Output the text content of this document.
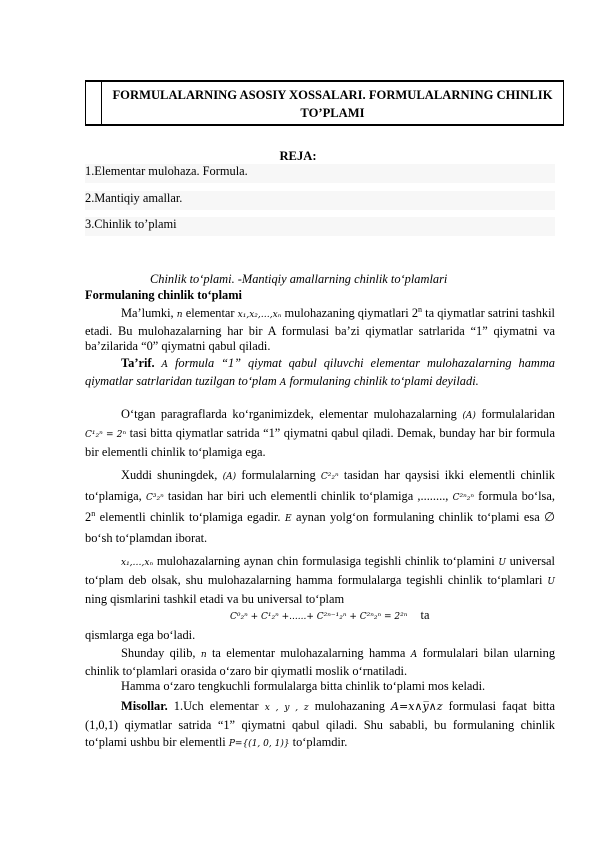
FORMULALARNING ASOSIY XOSSALARI. FORMULALARNING CHINLIK TO’PLAMI
REJA:
1.Elementar mulohaza. Formula.
2.Mantiqiy amallar.
3.Chinlik to’plami
Chinlik to‘plami. -Mantiqiy amallarning chinlik to‘plamlari
Formulaning chinlik to‘plami
Ma’lumki, n elementar x₁,x₂,…,xₙ mulohazaning qiymatlari 2$^n$ ta qiymatlar satrini tashkil etadi. Bu mulohazalarning har bir A formulasi ba’zi qiymatlar satrlarida “1” qiymatni va ba’zilarida “0” qiymatni qabul qiladi.
Ta’rif. A formula “1” qiymat qabul qiluvchi elementar mulohazalarning hamma qiymatlar satrlaridan tuzilgan to‘plam A formulaning chinlik to‘plami deyiladi.
O‘tgan paragraflarda ko‘rganimizdek, elementar mulohazalarning (A) formulalaridan C¹₂ⁿ = 2ⁿ tasi bitta qiymatlar satrida “1” qiymatni qabul qiladi. Demak, bunday har bir formula bir elementli chinlik to‘plamiga ega.
Xuddi shuningdek, (A) formulalarning C²₂ⁿ tasidan har qaysisi ikki elementli chinlik to‘plamiga, C³₂ⁿ tasidan har biri uch elementli chinlik to‘plamiga ,........, C²ⁿ₂ⁿ formula bo‘lsa, 2$^n$ elementli chinlik to‘plamiga egadir. E aynan yolg‘on formulaning chinlik to‘plami esa ∅ bo‘sh to‘plamdan iborat.
x₁,…,xₙ mulohazalarning aynan chin formulasiga tegishli chinlik to‘plamini U universal to‘plam deb olsak, shu mulohazalarning hamma formulalarga tegishli chinlik to‘plamlari U ning qismlarini tashkil etadi va bu universal to‘plam
C⁰₂ⁿ + C¹₂ⁿ +......+ C²ⁿ⁻¹₂ⁿ + C²ⁿ₂ⁿ = 2²ⁿ ta
qismlarga ega bo‘ladi.
Shunday qilib, n ta elementar mulohazalarning hamma A formulalari bilan ularning chinlik to‘plamlari orasida o‘zaro bir qiymatli moslik o‘rnatiladi.
Hamma o‘zaro tengkuchli formulalarga bitta chinlik to‘plami mos keladi.
Misollar. 1.Uch elementar x , y , z mulohazaning A=x∧y̅∧z formulasi faqat bitta (1,0,1) qiymatlar satrida “1” qiymatni qabul qiladi. Shu sababli, bu formulaning chinlik to‘plami ushbu bir elementli P={(1, 0, 1)} to‘plamdir.
